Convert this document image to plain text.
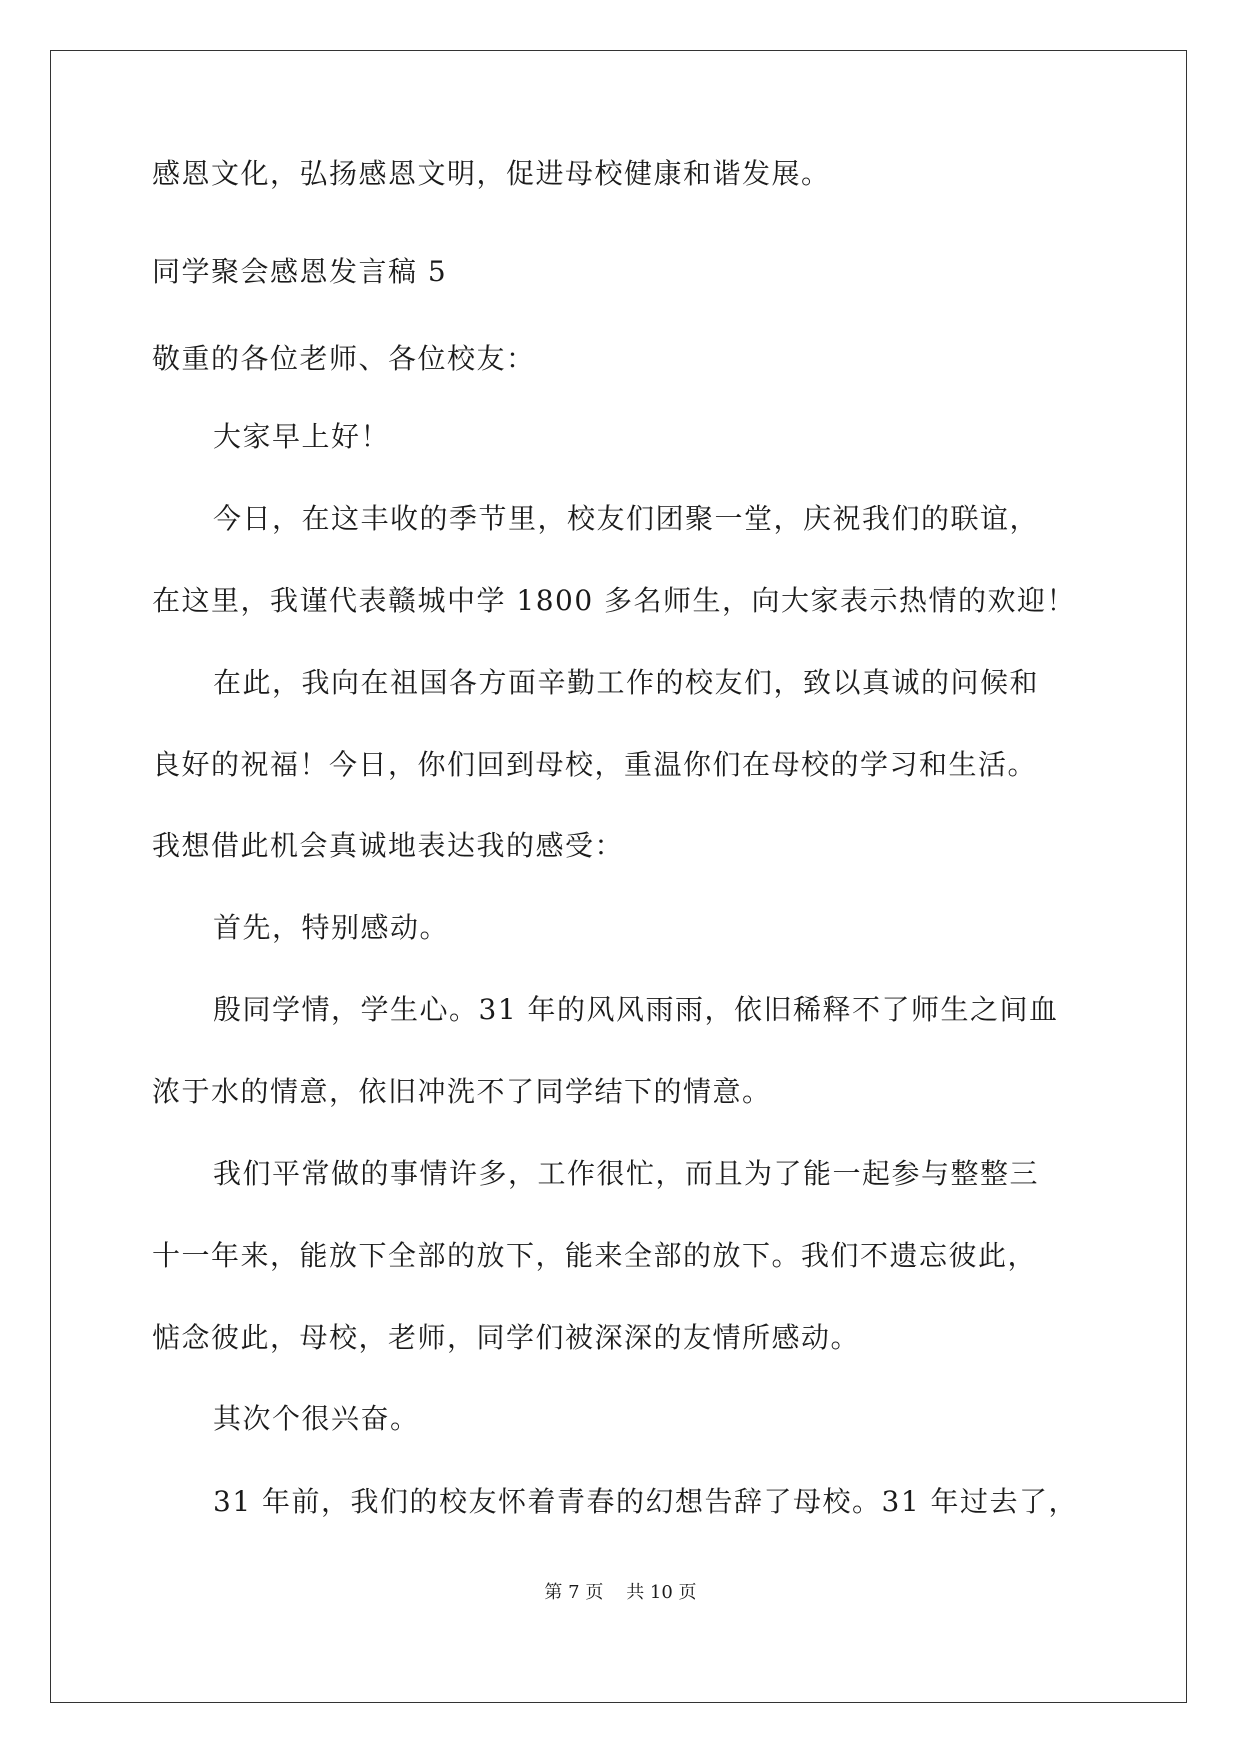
感恩文化，弘扬感恩文明，促进母校健康和谐发展。
同学聚会感恩发言稿 5
敬重的各位老师、各位校友：
大家早上好！
今日，在这丰收的季节里，校友们团聚一堂，庆祝我们的联谊，
在这里，我谨代表赣城中学 1800 多名师生，向大家表示热情的欢迎！
在此，我向在祖国各方面辛勤工作的校友们，致以真诚的问候和
良好的祝福！今日，你们回到母校，重温你们在母校的学习和生活。
我想借此机会真诚地表达我的感受：
首先，特别感动。
殷同学情，学生心。31 年的风风雨雨，依旧稀释不了师生之间血
浓于水的情意，依旧冲洗不了同学结下的情意。
我们平常做的事情许多，工作很忙，而且为了能一起参与整整三
十一年来，能放下全部的放下，能来全部的放下。我们不遗忘彼此，
惦念彼此，母校，老师，同学们被深深的友情所感动。
其次个很兴奋。
31 年前，我们的校友怀着青春的幻想告辞了母校。31 年过去了，
第 7 页    共 10 页
